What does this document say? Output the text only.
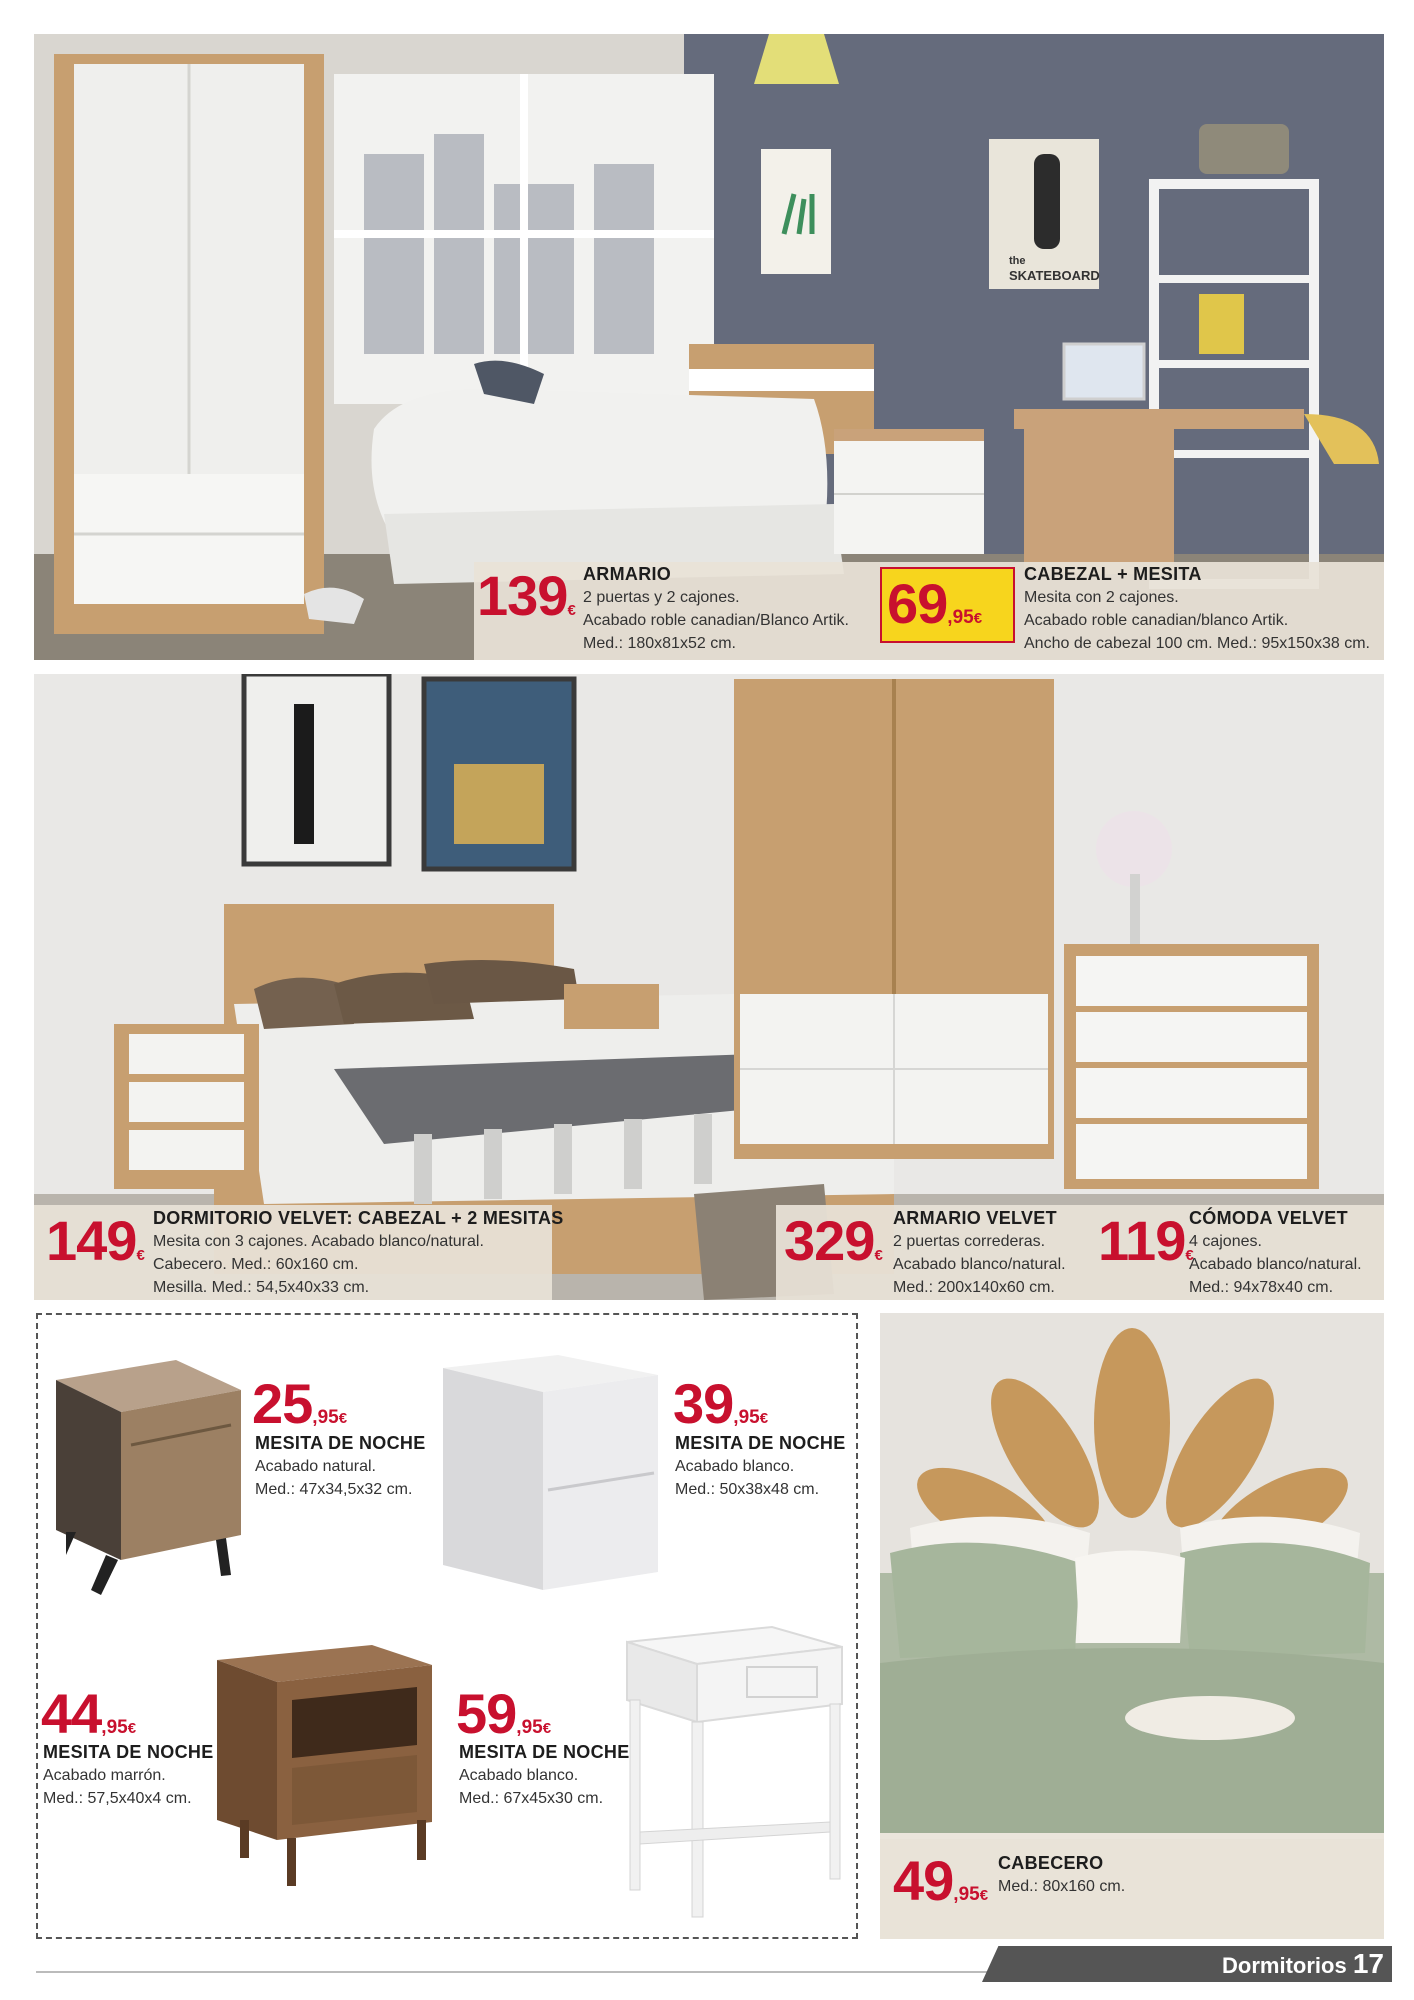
the
SKATEBOARD
139€
ARMARIO
2 puertas y 2 cajones.
Acabado roble canadian/Blanco Artik.
Med.: 180x81x52 cm.
69,95€
CABEZAL + MESITA
Mesita con 2 cajones.
Acabado roble canadian/blanco Artik.
Ancho de cabezal 100 cm. Med.: 95x150x38 cm.
149€
DORMITORIO VELVET: CABEZAL + 2 MESITAS
Mesita con 3 cajones. Acabado blanco/natural.
Cabecero. Med.: 60x160 cm.
Mesilla. Med.: 54,5x40x33 cm.
329€
ARMARIO VELVET
2 puertas correderas.
Acabado blanco/natural.
Med.: 200x140x60 cm.
119€
CÓMODA VELVET
4 cajones.
Acabado blanco/natural.
Med.: 94x78x40 cm.
25,95€
MESITA DE NOCHE
Acabado natural.
Med.: 47x34,5x32 cm.
39,95€
MESITA DE NOCHE
Acabado blanco.
Med.: 50x38x48 cm.
44,95€
MESITA DE NOCHE
Acabado marrón.
Med.: 57,5x40x4 cm.
59,95€
MESITA DE NOCHE
Acabado blanco.
Med.: 67x45x30 cm.
49,95€
CABECERO
Med.: 80x160 cm.
Dormitorios 17
